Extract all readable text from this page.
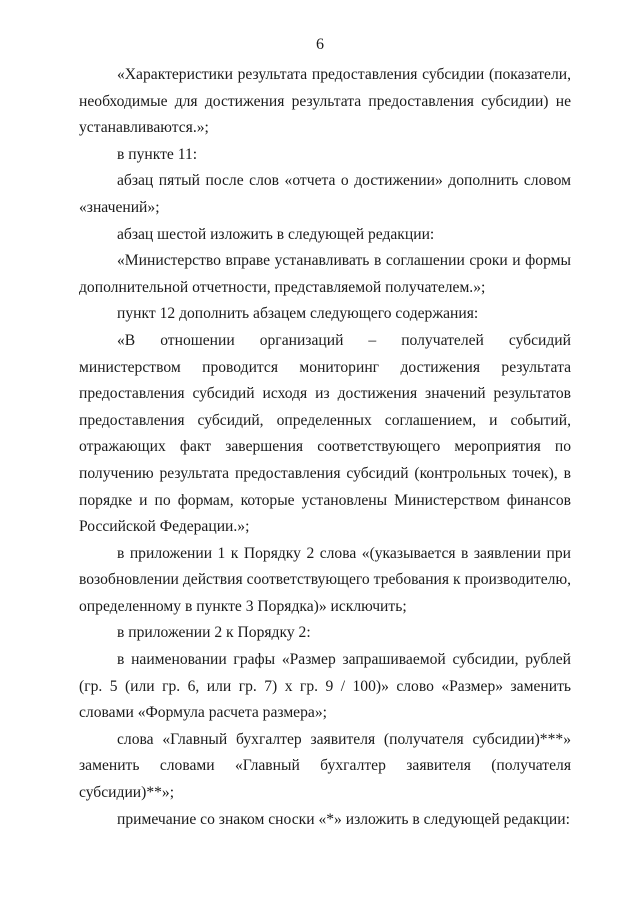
6

«Характеристики результата предоставления субсидии (показатели, необходимые для достижения результата предоставления субсидии) не устанавливаются.»;

в пункте 11:

абзац пятый после слов «отчета о достижении» дополнить словом «значений»;

абзац шестой изложить в следующей редакции:

«Министерство вправе устанавливать в соглашении сроки и формы дополнительной отчетности, представляемой получателем.»;

пункт 12 дополнить абзацем следующего содержания:

«В отношении организаций – получателей субсидий министерством проводится мониторинг достижения результата предоставления субсидий исходя из достижения значений результатов предоставления субсидий, определенных соглашением, и событий, отражающих факт завершения соответствующего мероприятия по получению результата предоставления субсидий (контрольных точек), в порядке и по формам, которые установлены Министерством финансов Российской Федерации.»;

в приложении 1 к Порядку 2 слова «(указывается в заявлении при возобновлении действия соответствующего требования к производителю, определенному в пункте 3 Порядка)» исключить;

в приложении 2 к Порядку 2:

в наименовании графы «Размер запрашиваемой субсидии, рублей (гр. 5 (или гр. 6, или гр. 7) x гр. 9 / 100)» слово «Размер» заменить словами «Формула расчета размера»;

слова «Главный бухгалтер заявителя (получателя субсидии)***» заменить словами «Главный бухгалтер заявителя (получателя субсидии)**»;

примечание со знаком сноски «*» изложить в следующей редакции:
